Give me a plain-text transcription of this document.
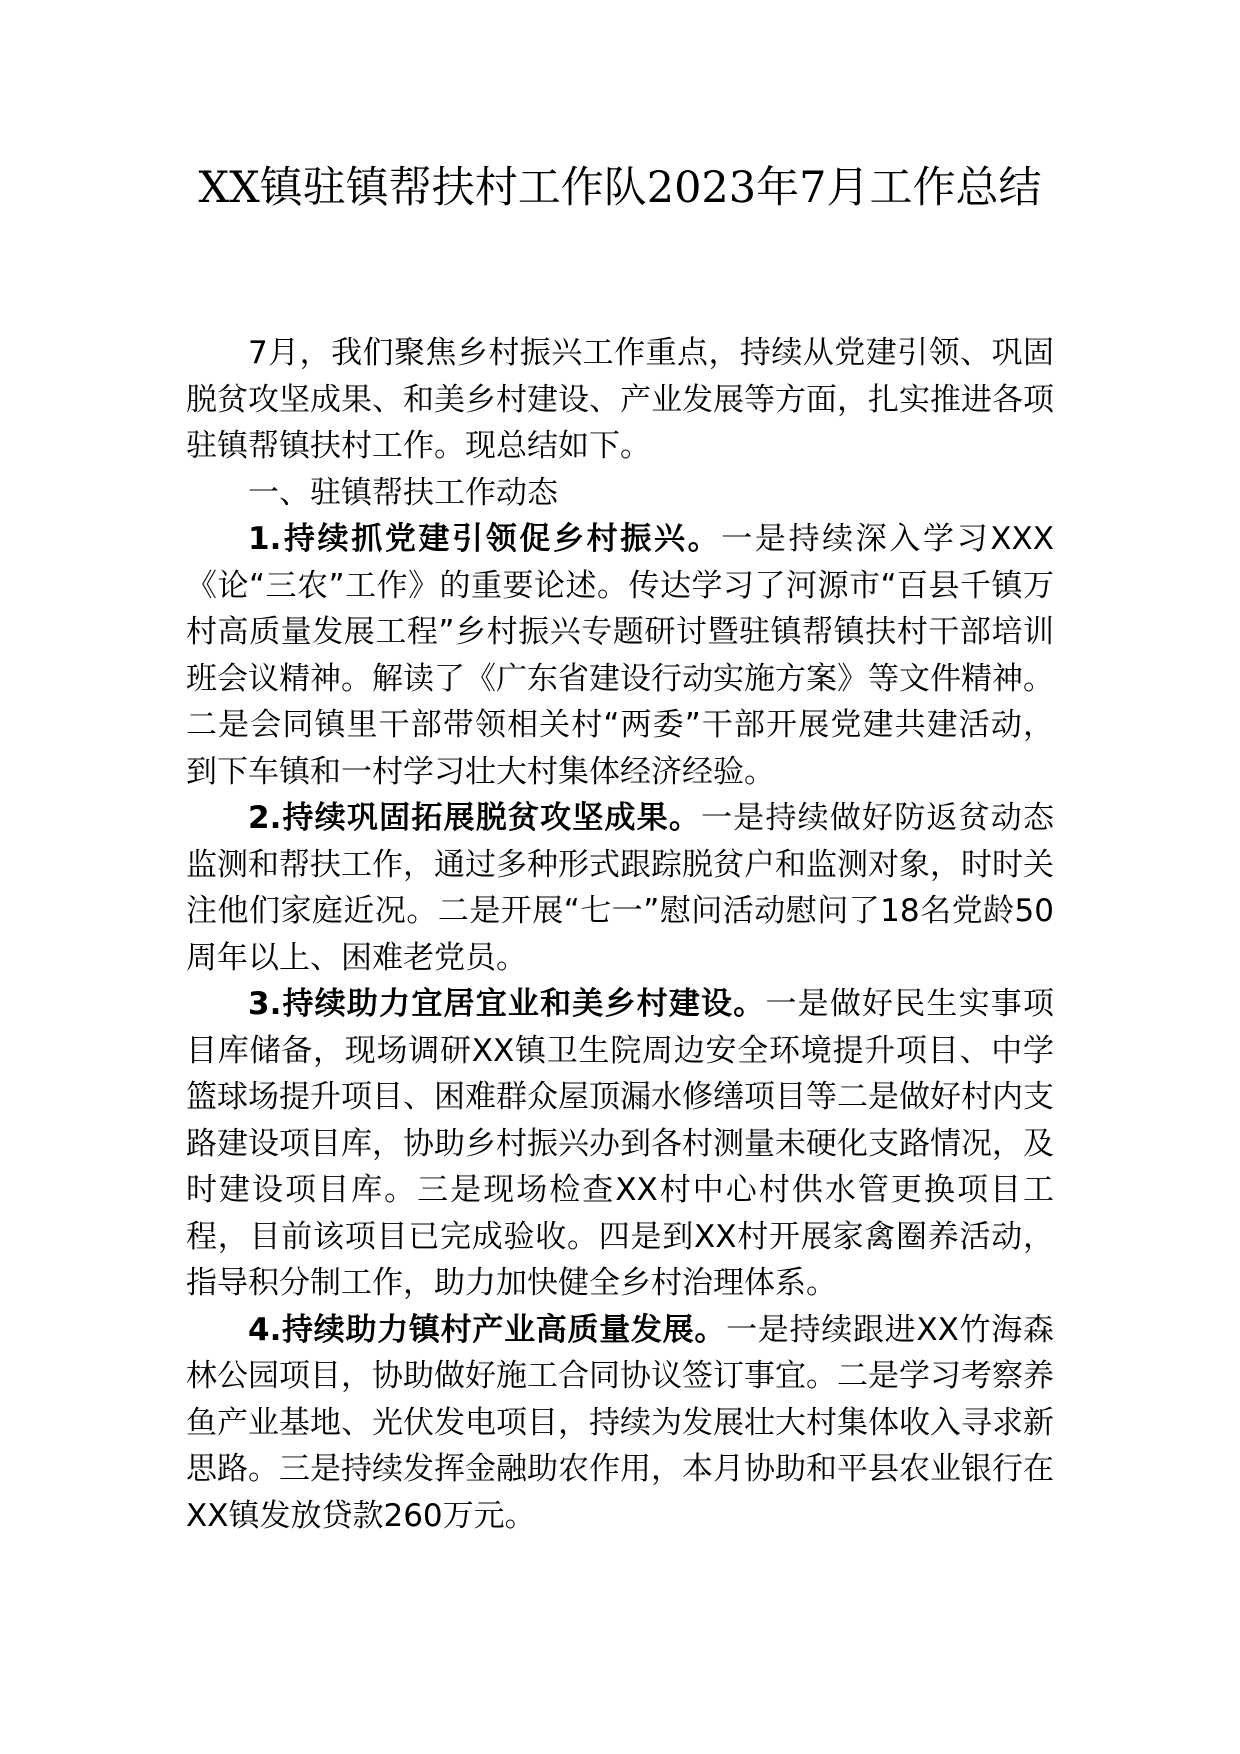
XX镇驻镇帮扶村工作队2023年7月工作总结

7月，我们聚焦乡村振兴工作重点，持续从党建引领、巩固脱贫攻坚成果、和美乡村建设、产业发展等方面，扎实推进各项驻镇帮镇扶村工作。现总结如下。

一、驻镇帮扶工作动态

1.持续抓党建引领促乡村振兴。一是持续深入学习XXX《论“三农”工作》的重要论述。传达学习了河源市“百县千镇万村高质量发展工程”乡村振兴专题研讨暨驻镇帮镇扶村干部培训班会议精神。解读了《广东省建设行动实施方案》等文件精神。二是会同镇里干部带领相关村“两委”干部开展党建共建活动，到下车镇和一村学习壮大村集体经济经验。

2.持续巩固拓展脱贫攻坚成果。一是持续做好防返贫动态监测和帮扶工作，通过多种形式跟踪脱贫户和监测对象，时时关注他们家庭近况。二是开展“七一”慰问活动慰问了18名党龄50周年以上、困难老党员。

3.持续助力宜居宜业和美乡村建设。一是做好民生实事项目库储备，现场调研XX镇卫生院周边安全环境提升项目、中学篮球场提升项目、困难群众屋顶漏水修缮项目等二是做好村内支路建设项目库，协助乡村振兴办到各村测量未硬化支路情况，及时建设项目库。三是现场检查XX村中心村供水管更换项目工程，目前该项目已完成验收。四是到XX村开展家禽圈养活动，指导积分制工作，助力加快健全乡村治理体系。

4.持续助力镇村产业高质量发展。一是持续跟进XX竹海森林公园项目，协助做好施工合同协议签订事宜。二是学习考察养鱼产业基地、光伏发电项目，持续为发展壮大村集体收入寻求新思路。三是持续发挥金融助农作用，本月协助和平县农业银行在XX镇发放贷款260万元。
